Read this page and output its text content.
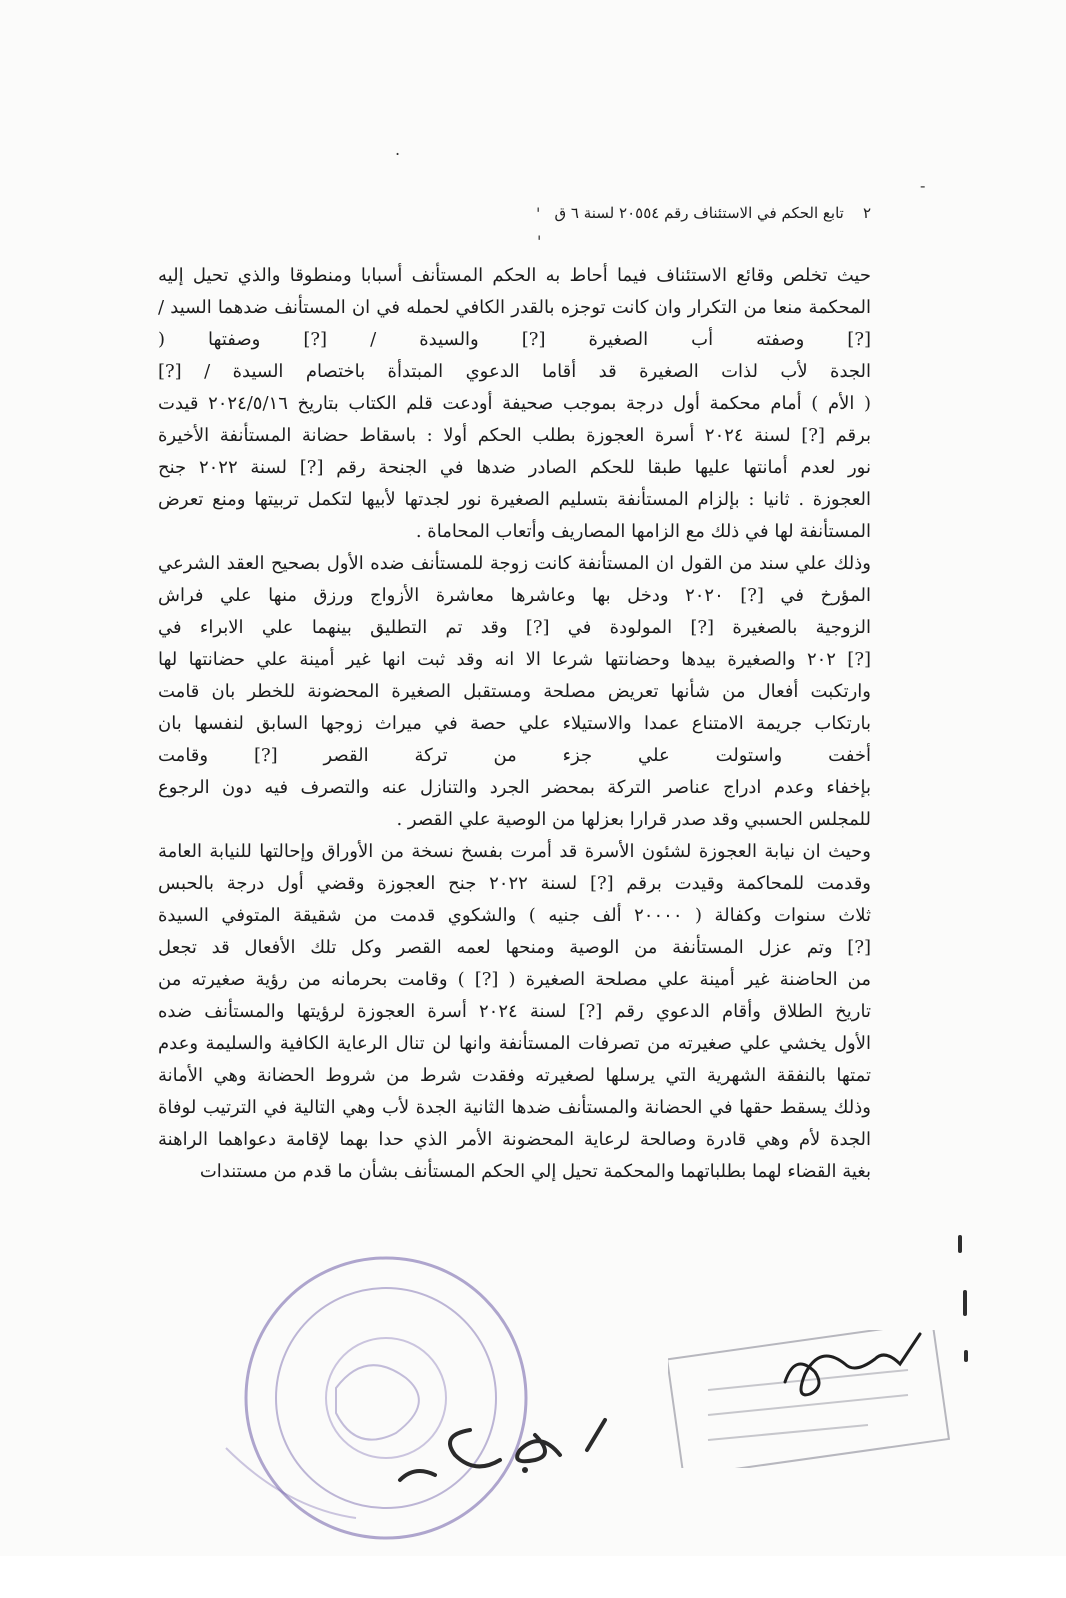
٢    تابع الحكم في الاستئناف رقم ٢٠٥٥٤ لسنة ٦ ق
.
-
'
'
حيث تخلص وقائع الاستئناف فيما أحاط به الحكم المستأنف أسبابا ومنطوقا والذي تحيل إليه
المحكمة منعا من التكرار وان كانت توجزه بالقدر الكافي لحمله في ان المستأنف ضدهما السيد /
[?] وصفته أب الصغيرة [?] والسيدة / [?] وصفتها (
الجدة لأب لذات الصغيرة قد أقاما الدعوي المبتدأة باختصام السيدة / [?]
( الأم ) أمام محكمة أول درجة بموجب صحيفة أودعت قلم الكتاب بتاريخ ٢٠٢٤/٥/١٦ قيدت
برقم [?] لسنة ٢٠٢٤ أسرة العجوزة بطلب الحكم أولا : باسقاط حضانة المستأنفة الأخيرة
نور لعدم أمانتها عليها طبقا للحكم الصادر ضدها في الجنحة رقم [?] لسنة ٢٠٢٢ جنح
العجوزة . ثانيا : بإلزام المستأنفة بتسليم الصغيرة نور لجدتها لأبيها لتكمل تربيتها ومنع تعرض
المستأنفة لها في ذلك مع الزامها المصاريف وأتعاب المحاماة .
وذلك علي سند من القول ان المستأنفة كانت زوجة للمستأنف ضده الأول بصحيح العقد الشرعي
المؤرخ في [?] ٢٠٢٠ ودخل بها وعاشرها معاشرة الأزواج ورزق منها علي فراش
الزوجية بالصغيرة [?] المولودة في [?] وقد تم التطليق بينهما علي الابراء في
[?] ٢٠٢ والصغيرة بيدها وحضانتها شرعا الا انه وقد ثبت انها غير أمينة علي حضانتها لها
وارتكبت أفعال من شأنها تعريض مصلحة ومستقبل الصغيرة المحضونة للخطر بان قامت
بارتكاب جريمة الامتناع عمدا والاستيلاء علي حصة في ميراث زوجها السابق لنفسها بان
أخفت واستولت علي جزء من تركة القصر [?] وقامت
بإخفاء وعدم ادراج عناصر التركة بمحضر الجرد والتنازل عنه والتصرف فيه دون الرجوع
للمجلس الحسبي وقد صدر قرارا بعزلها من الوصية علي القصر .
وحيث ان نيابة العجوزة لشئون الأسرة قد أمرت بفسخ نسخة من الأوراق وإحالتها للنيابة العامة
وقدمت للمحاكمة وقيدت برقم [?] لسنة ٢٠٢٢ جنح العجوزة وقضي أول درجة بالحبس
ثلاث سنوات وكفالة ( ٢٠٠٠٠ ألف جنيه ) والشكوي قدمت من شقيقة المتوفي السيدة
[?] وتم عزل المستأنفة من الوصية ومنحها لعمه القصر وكل تلك الأفعال قد تجعل
من الحاضنة غير أمينة علي مصلحة الصغيرة ( [?] ) وقامت بحرمانه من رؤية صغيرته من
تاريخ الطلاق وأقام الدعوي رقم [?] لسنة ٢٠٢٤ أسرة العجوزة لرؤيتها والمستأنف ضده
الأول يخشي علي صغيرته من تصرفات المستأنفة وانها لن تنال الرعاية الكافية والسليمة وعدم
تمتها بالنفقة الشهرية التي يرسلها لصغيرته وفقدت شرط من شروط الحضانة وهي الأمانة
وذلك يسقط حقها في الحضانة والمستأنف ضدها الثانية الجدة لأب وهي التالية في الترتيب لوفاة
الجدة لأم وهي قادرة وصالحة لرعاية المحضونة الأمر الذي حدا بهما لإقامة دعواهما الراهنة
بغية القضاء لهما بطلباتهما والمحكمة تحيل إلي الحكم المستأنف بشأن ما قدم من مستندات
